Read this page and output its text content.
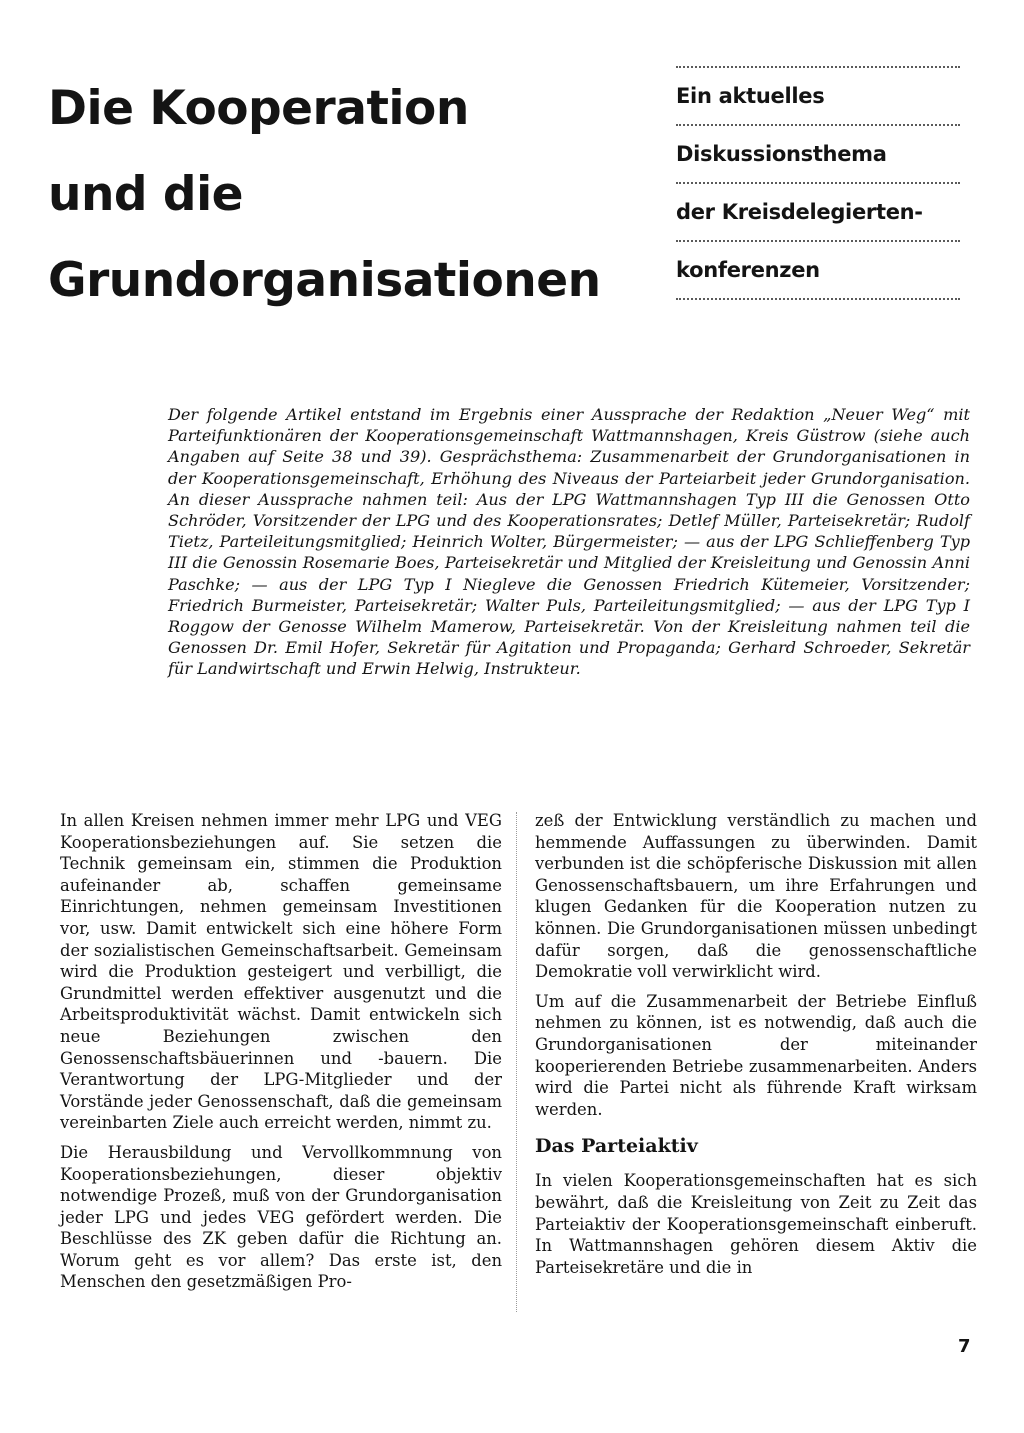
Die Kooperation
und die
Grundorganisationen
Ein aktuelles
Diskussionsthema
der Kreisdelegierten-
konferenzen

Der folgende Artikel entstand im Ergebnis einer Aussprache der Redaktion „Neuer Weg“ mit Parteifunktionären der Kooperationsgemeinschaft Wattmannshagen, Kreis Güstrow (siehe auch Angaben auf Seite 38 und 39). Gesprächsthema: Zusammenarbeit der Grundorganisationen in der Kooperationsgemeinschaft, Erhöhung des Niveaus der Parteiarbeit jeder Grundorganisation. An dieser Aussprache nahmen teil: Aus der LPG Wattmannshagen Typ III die Genossen Otto Schröder, Vorsitzender der LPG und des Kooperationsrates; Detlef Müller, Parteisekretär; Rudolf Tietz, Parteileitungsmitglied; Heinrich Wolter, Bürgermeister; — aus der LPG Schlieffenberg Typ III die Genossin Rosemarie Boes, Parteisekretär und Mitglied der Kreisleitung und Genossin Anni Paschke; — aus der LPG Typ I Niegleve die Genossen Friedrich Kütemeier, Vorsitzender; Friedrich Burmeister, Parteisekretär; Walter Puls, Parteileitungsmitglied; — aus der LPG Typ I Roggow der Genosse Wilhelm Mamerow, Parteisekretär. Von der Kreisleitung nahmen teil die Genossen Dr. Emil Hofer, Sekretär für Agitation und Propaganda; Gerhard Schroeder, Sekretär für Landwirtschaft und Erwin Helwig, Instrukteur.

In allen Kreisen nehmen immer mehr LPG und VEG Kooperationsbeziehungen auf. Sie setzen die Technik gemeinsam ein, stimmen die Produktion aufeinander ab, schaffen gemeinsame Einrichtungen, nehmen gemeinsam Investitionen vor, usw. Damit entwickelt sich eine höhere Form der sozialistischen Gemeinschaftsarbeit. Gemeinsam wird die Produktion gesteigert und verbilligt, die Grundmittel werden effektiver ausgenutzt und die Arbeitsproduktivität wächst. Damit entwickeln sich neue Beziehungen zwischen den Genossenschaftsbäuerinnen und -bauern. Die Verantwortung der LPG-Mitglieder und der Vorstände jeder Genossenschaft, daß die gemeinsam vereinbarten Ziele auch erreicht werden, nimmt zu.

Die Herausbildung und Vervollkommnung von Kooperationsbeziehungen, dieser objektiv notwendige Prozeß, muß von der Grundorganisation jeder LPG und jedes VEG gefördert werden. Die Beschlüsse des ZK geben dafür die Richtung an. Worum geht es vor allem? Das erste ist, den Menschen den gesetzmäßigen Pro-

zeß der Entwicklung verständlich zu machen und hemmende Auffassungen zu überwinden. Damit verbunden ist die schöpferische Diskussion mit allen Genossenschaftsbauern, um ihre Erfahrungen und klugen Gedanken für die Kooperation nutzen zu können. Die Grundorganisationen müssen unbedingt dafür sorgen, daß die genossenschaftliche Demokratie voll verwirklicht wird.

Um auf die Zusammenarbeit der Betriebe Einfluß nehmen zu können, ist es notwendig, daß auch die Grundorganisationen der miteinander kooperierenden Betriebe zusammenarbeiten. Anders wird die Partei nicht als führende Kraft wirksam werden.

Das Parteiaktiv

In vielen Kooperationsgemeinschaften hat es sich bewährt, daß die Kreisleitung von Zeit zu Zeit das Parteiaktiv der Kooperationsgemeinschaft einberuft. In Wattmannshagen gehören diesem Aktiv die Parteisekretäre und die in

7
